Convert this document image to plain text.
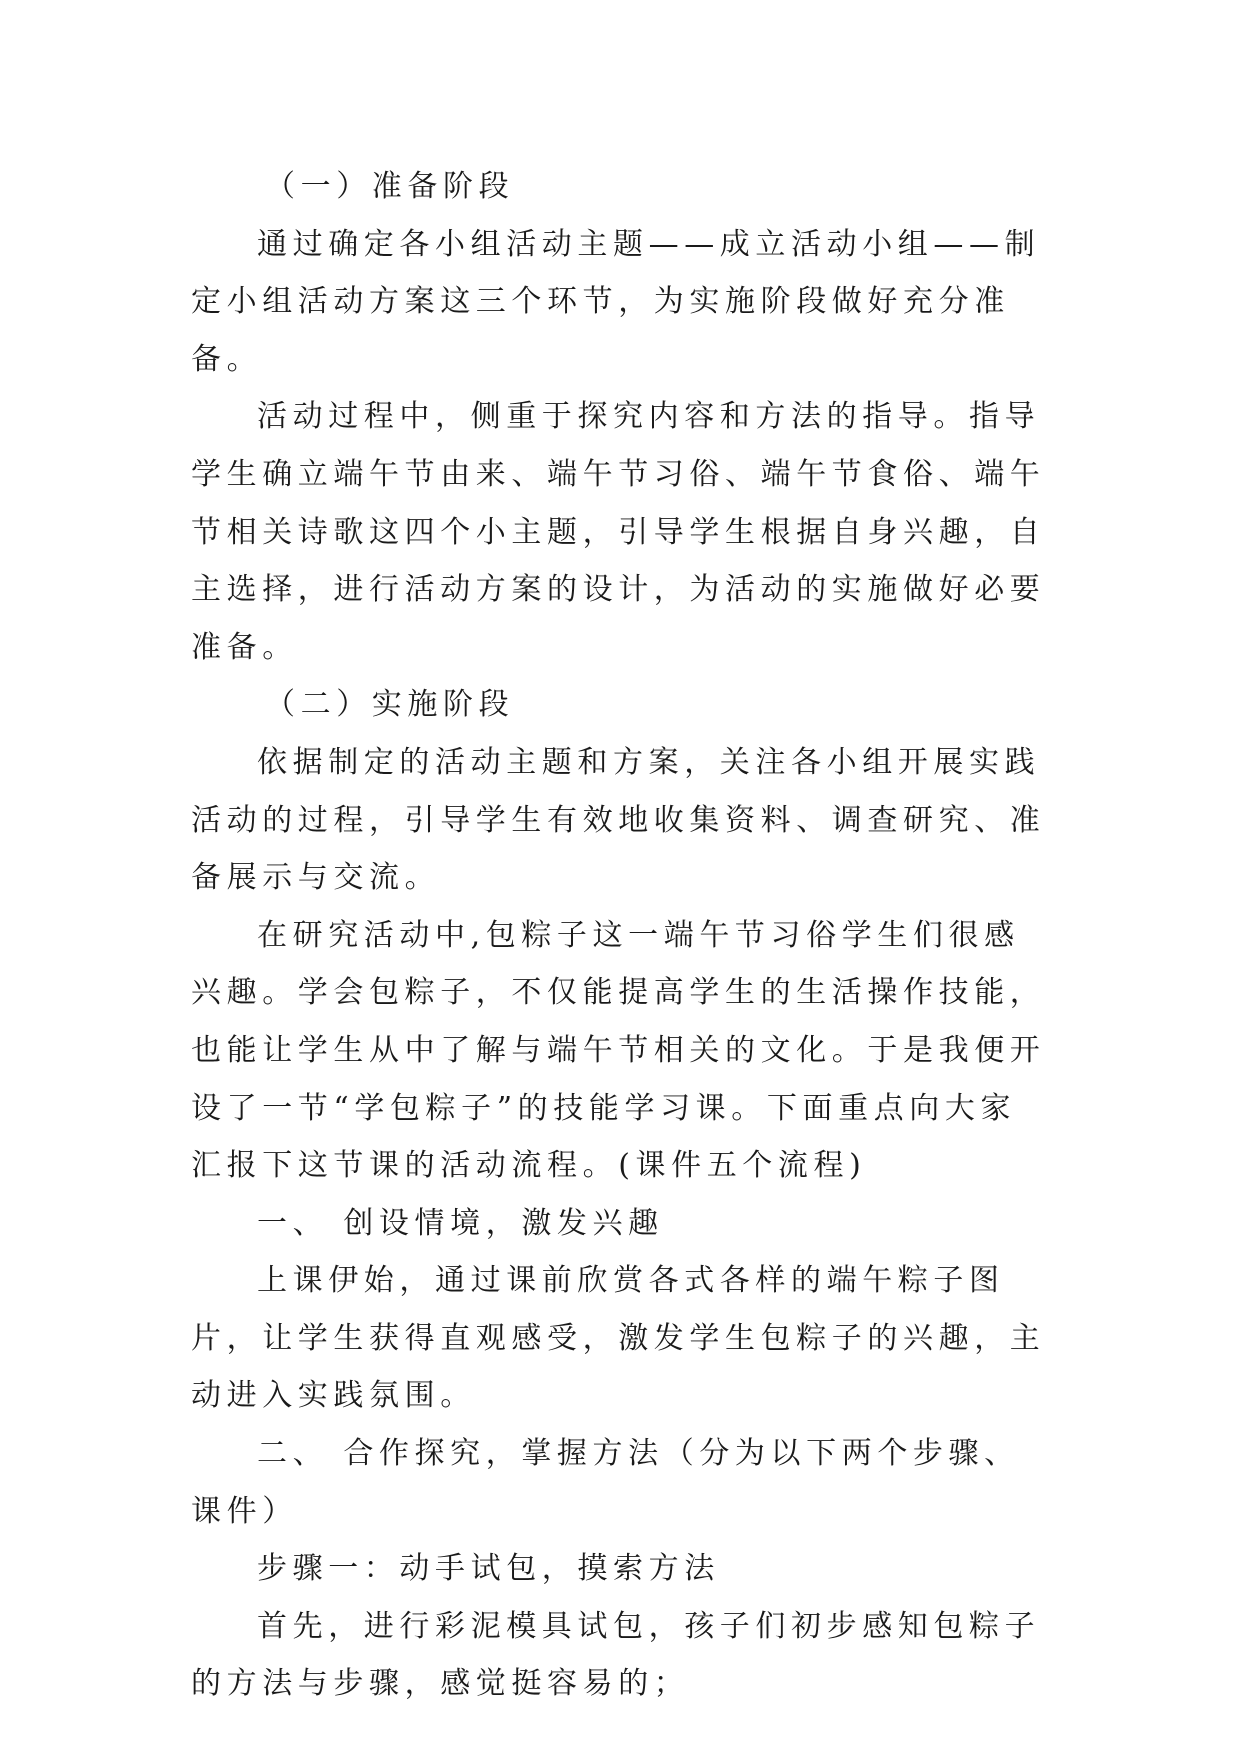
（一）准备阶段

通过确定各小组活动主题——成立活动小组——制定小组活动方案这三个环节，为实施阶段做好充分准备。

活动过程中，侧重于探究内容和方法的指导。指导学生确立端午节由来、端午节习俗、端午节食俗、端午节相关诗歌这四个小主题，引导学生根据自身兴趣，自主选择，进行活动方案的设计，为活动的实施做好必要准备。

（二）实施阶段

依据制定的活动主题和方案，关注各小组开展实践活动的过程，引导学生有效地收集资料、调查研究、准备展示与交流。

在研究活动中,包粽子这一端午节习俗学生们很感兴趣。学会包粽子，不仅能提高学生的生活操作技能，也能让学生从中了解与端午节相关的文化。于是我便开设了一节“学包粽子”的技能学习课。下面重点向大家汇报下这节课的活动流程。(课件五个流程)

一、 创设情境，激发兴趣

上课伊始，通过课前欣赏各式各样的端午粽子图片，让学生获得直观感受，激发学生包粽子的兴趣，主动进入实践氛围。

二、 合作探究，掌握方法（分为以下两个步骤、课件）

步骤一：动手试包，摸索方法

首先，进行彩泥模具试包，孩子们初步感知包粽子的方法与步骤，感觉挺容易的；
